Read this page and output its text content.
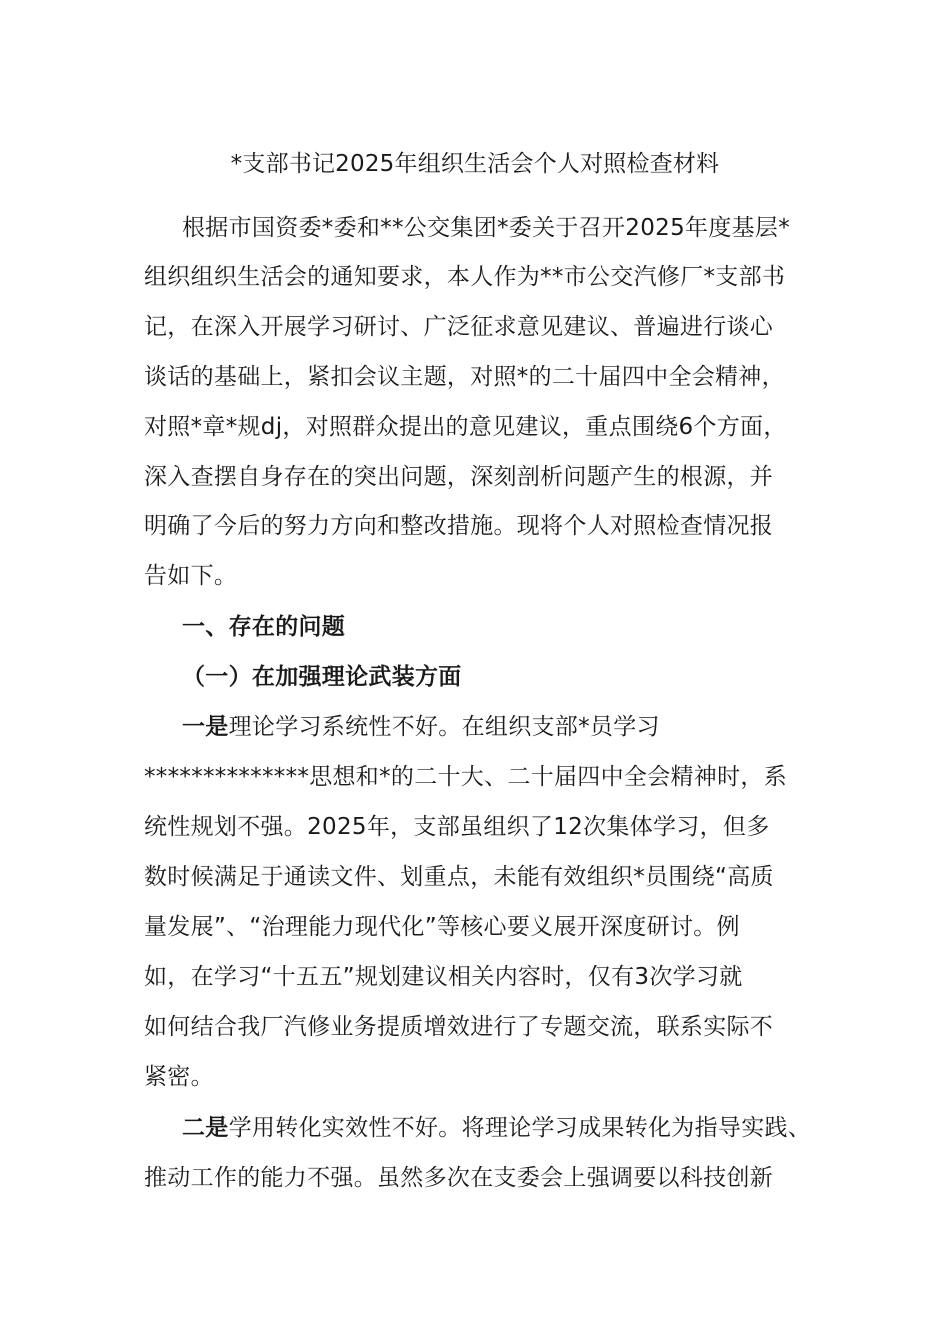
*支部书记2025年组织生活会个人对照检查材料
根据市国资委*委和**公交集团*委关于召开2025年度基层*
组织组织生活会的通知要求，本人作为**市公交汽修厂*支部书
记，在深入开展学习研讨、广泛征求意见建议、普遍进行谈心
谈话的基础上，紧扣会议主题，对照*的二十届四中全会精神，
对照*章*规dj，对照群众提出的意见建议，重点围绕6个方面，
深入查摆自身存在的突出问题，深刻剖析问题产生的根源，并
明确了今后的努力方向和整改措施。现将个人对照检查情况报
告如下。
一、存在的问题
（一）在加强理论武装方面
一是理论学习系统性不好。在组织支部*员学习
**************思想和*的二十大、二十届四中全会精神时，系
统性规划不强。2025年，支部虽组织了12次集体学习，但多
数时候满足于通读文件、划重点，未能有效组织*员围绕“高质
量发展”、“治理能力现代化”等核心要义展开深度研讨。例
如，在学习“十五五”规划建议相关内容时，仅有3次学习就
如何结合我厂汽修业务提质增效进行了专题交流，联系实际不
紧密。
二是学用转化实效性不好。将理论学习成果转化为指导实践、
推动工作的能力不强。虽然多次在支委会上强调要以科技创新
